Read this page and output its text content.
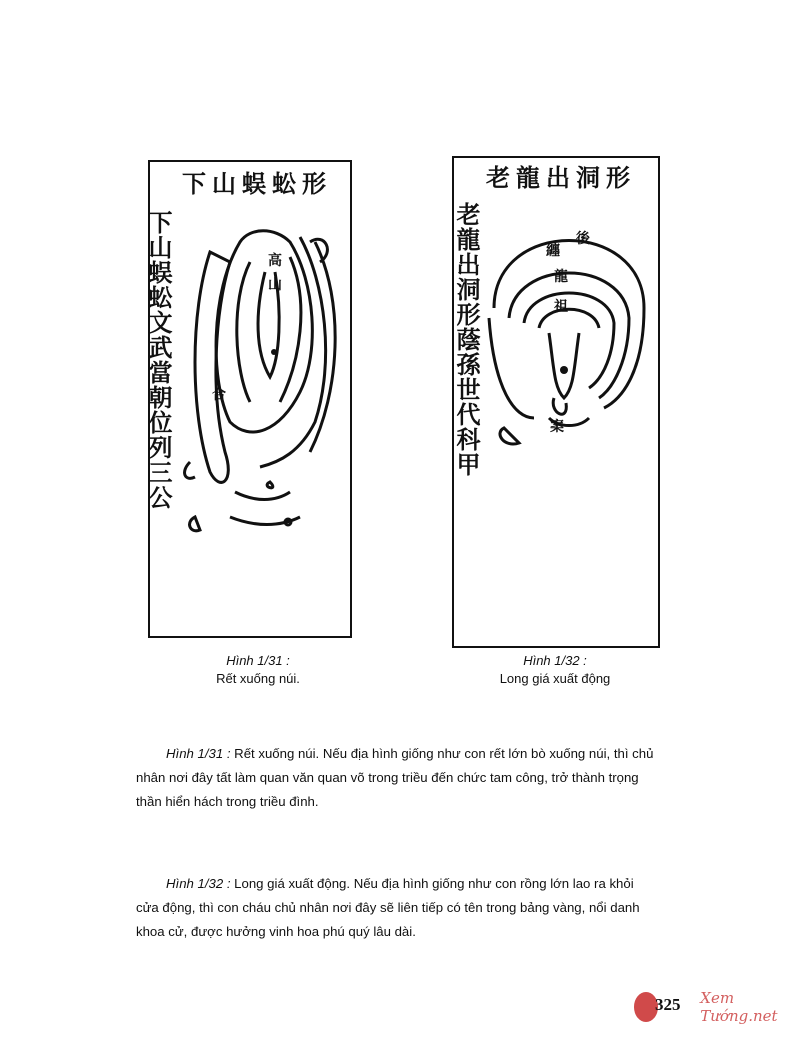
下山蜈蚣形
下山蜈蚣文武當朝位列三公	高
山
合
老龍出洞形
老龍出洞形蔭孫世代科甲	後
纏
龍
祖
案
Hình 1/31 :
Rết xuống núi.
Hình 1/32 :
Long giá xuất động
Hình 1/31 : Rết xuống núi. Nếu địa hình giống như con rết lớn bò xuống núi, thì chủ nhân nơi đây tất làm quan văn quan võ trong triều đến chức tam công, trở thành trọng thần hiển hách trong triều đình.
Hình 1/32 : Long giá xuất động. Nếu địa hình giống như con rồng lớn lao ra khỏi cửa động, thì con cháu chủ nhân nơi đây sẽ liên tiếp có tên trong bảng vàng, nổi danh khoa cử, được hưởng vinh hoa phú quý lâu dài.
Xem Tướng.net
325
